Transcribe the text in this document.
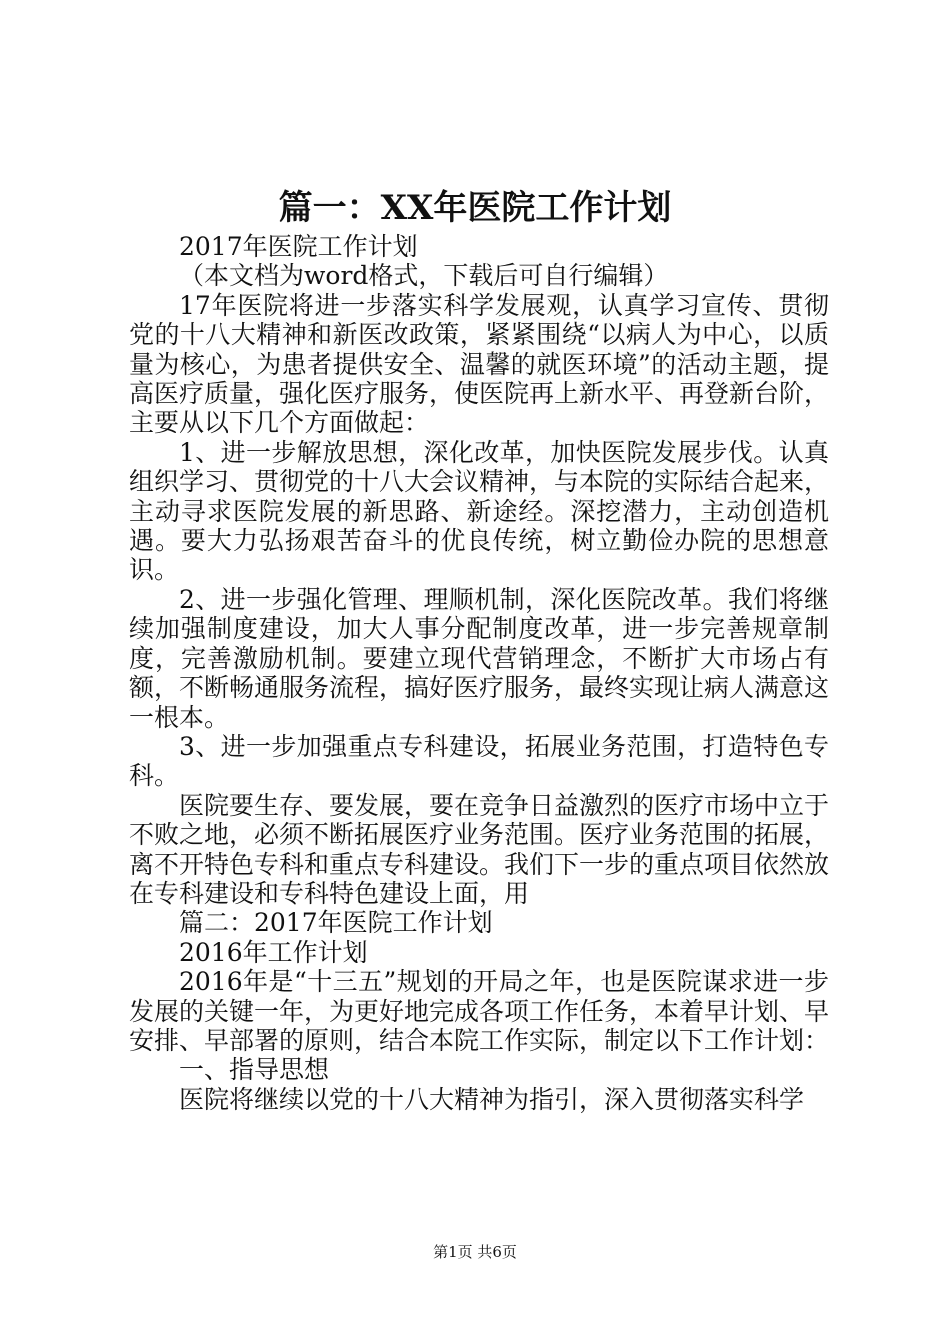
篇一：XX年医院工作计划

2017年医院工作计划

（本文档为word格式，下载后可自行编辑）

17年医院将进一步落实科学发展观，认真学习宣传、贯彻党的十八大精神和新医改政策，紧紧围绕“以病人为中心，以质量为核心，为患者提供安全、温馨的就医环境”的活动主题，提高医疗质量，强化医疗服务，使医院再上新水平、再登新台阶，主要从以下几个方面做起：

1、进一步解放思想，深化改革，加快医院发展步伐。认真组织学习、贯彻党的十八大会议精神，与本院的实际结合起来，主动寻求医院发展的新思路、新途经。深挖潜力，主动创造机遇。要大力弘扬艰苦奋斗的优良传统，树立勤俭办院的思想意识。

2、进一步强化管理、理顺机制，深化医院改革。我们将继续加强制度建设，加大人事分配制度改革，进一步完善规章制度，完善激励机制。要建立现代营销理念，不断扩大市场占有额，不断畅通服务流程，搞好医疗服务，最终实现让病人满意这一根本。

3、进一步加强重点专科建设，拓展业务范围，打造特色专科。

医院要生存、要发展，要在竞争日益激烈的医疗市场中立于不败之地，必须不断拓展医疗业务范围。医疗业务范围的拓展，离不开特色专科和重点专科建设。我们下一步的重点项目依然放在专科建设和专科特色建设上面，用

篇二：2017年医院工作计划

2016年工作计划

2016年是“十三五”规划的开局之年，也是医院谋求进一步发展的关键一年，为更好地完成各项工作任务，本着早计划、早安排、早部署的原则，结合本院工作实际，制定以下工作计划：

一、指导思想

医院将继续以党的十八大精神为指引，深入贯彻落实科学

第1页 共6页
